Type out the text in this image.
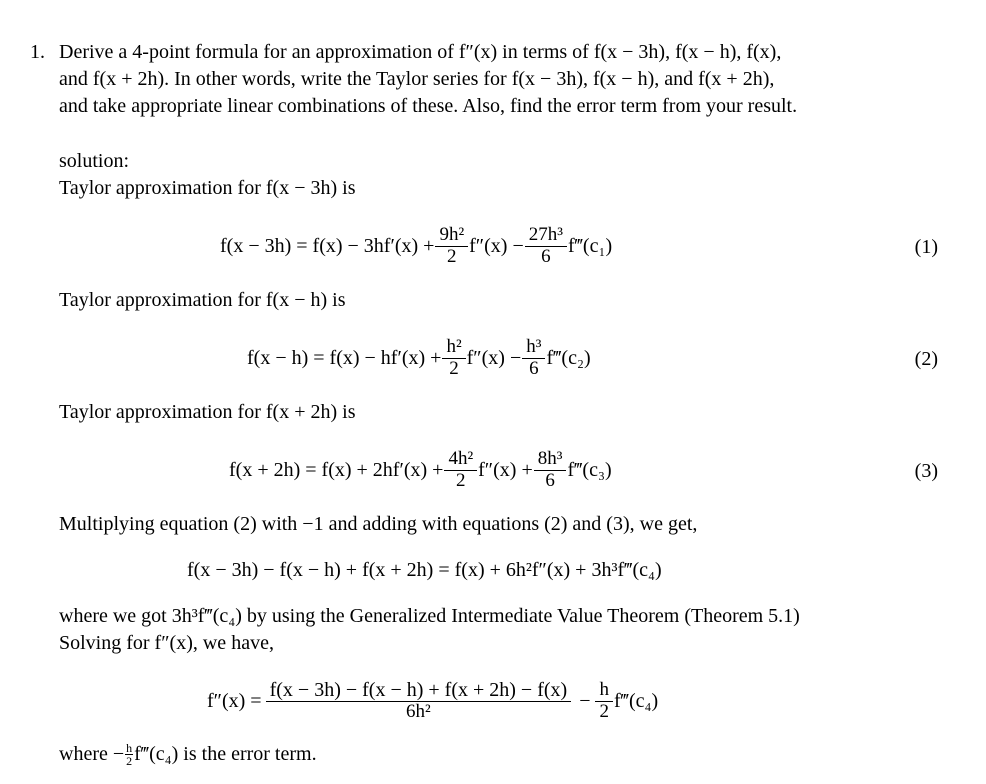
1. Derive a 4-point formula for an approximation of f″(x) in terms of f(x − 3h), f(x − h), f(x),
and f(x + 2h). In other words, write the Taylor series for f(x − 3h), f(x − h), and f(x + 2h),
and take appropriate linear combinations of these. Also, find the error term from your result.
solution:
Taylor approximation for f(x − 3h) is
$f(x - 3h) = f(x) - 3hf'(x) + \frac{\text{9h²}}{2} f''(x) - \frac{\text{27h³}}{6}$ f‴(c₁)	(1)
Taylor approximation for f(x − h) is
$f(x - h) = f(x) - hf'(x) + \frac{\text{h²}}{2} f''(x) - \frac{\text{h³}}{6}$ f‴(c₂)	(2)
Taylor approximation for f(x + 2h) is
$f(x + 2h) = f(x) + 2hf'(x) + \frac{\text{4h²}}{2} f''(x) + \frac{\text{8h³}}{6}$ f‴(c₃)	(3)
Multiplying equation (2) with −1 and adding with equations (2) and (3), we get,
f(x − 3h) − f(x − h) + f(x + 2h) = f(x) + 6h²f″(x) + 3h³f‴(c₄)
where we got 3h³f‴(c₄) by using the Generalized Intermediate Value Theorem (Theorem 5.1)
Solving for f″(x), we have,
$f''(x) = \frac{f(x - 3h) - f(x - h) + f(x + 2h) - f(x)}{\text{6h²}} - \frac{h}{2}$ f‴(c₄)
where − $\frac{h}{2}$ f‴(c₄) is the error term.
